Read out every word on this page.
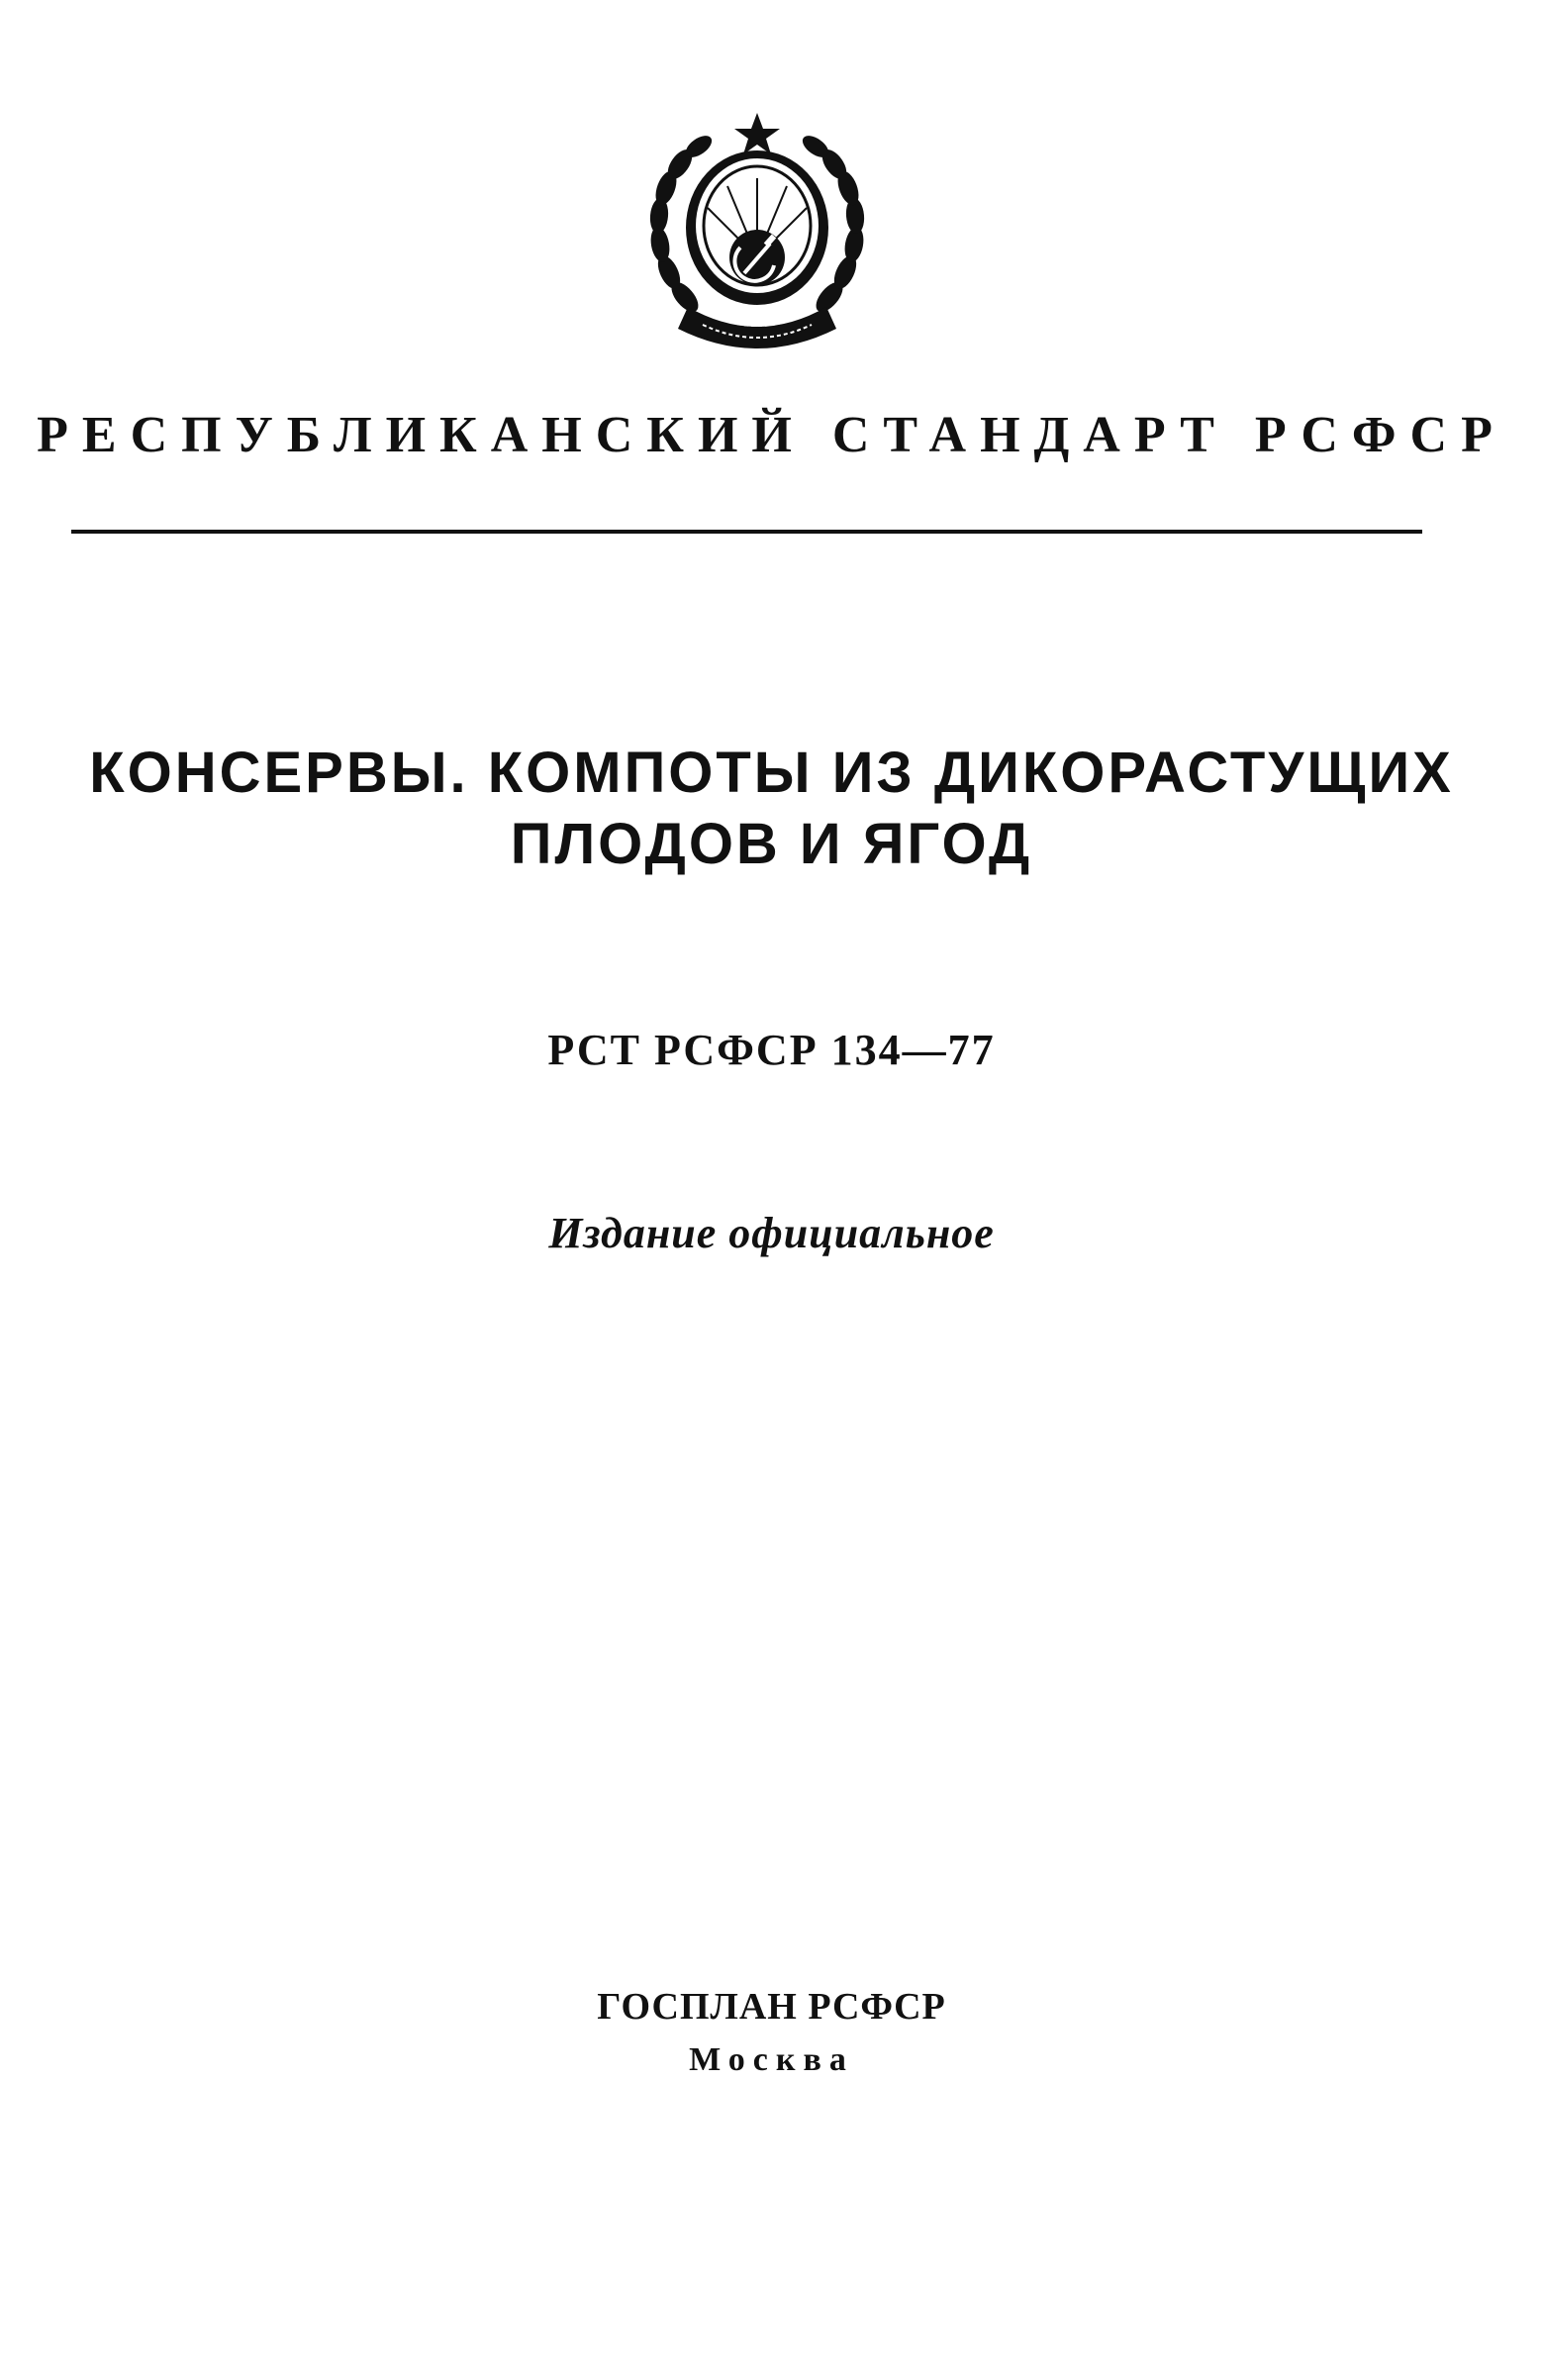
РЕСПУБЛИКАНСКИЙ СТАНДАРТ РСФСР
КОНСЕРВЫ. КОМПОТЫ ИЗ ДИКОРАСТУЩИХ
ПЛОДОВ И ЯГОД
РСТ РСФСР 134—77
Издание официальное
ГОСПЛАН РСФСР
Москва
